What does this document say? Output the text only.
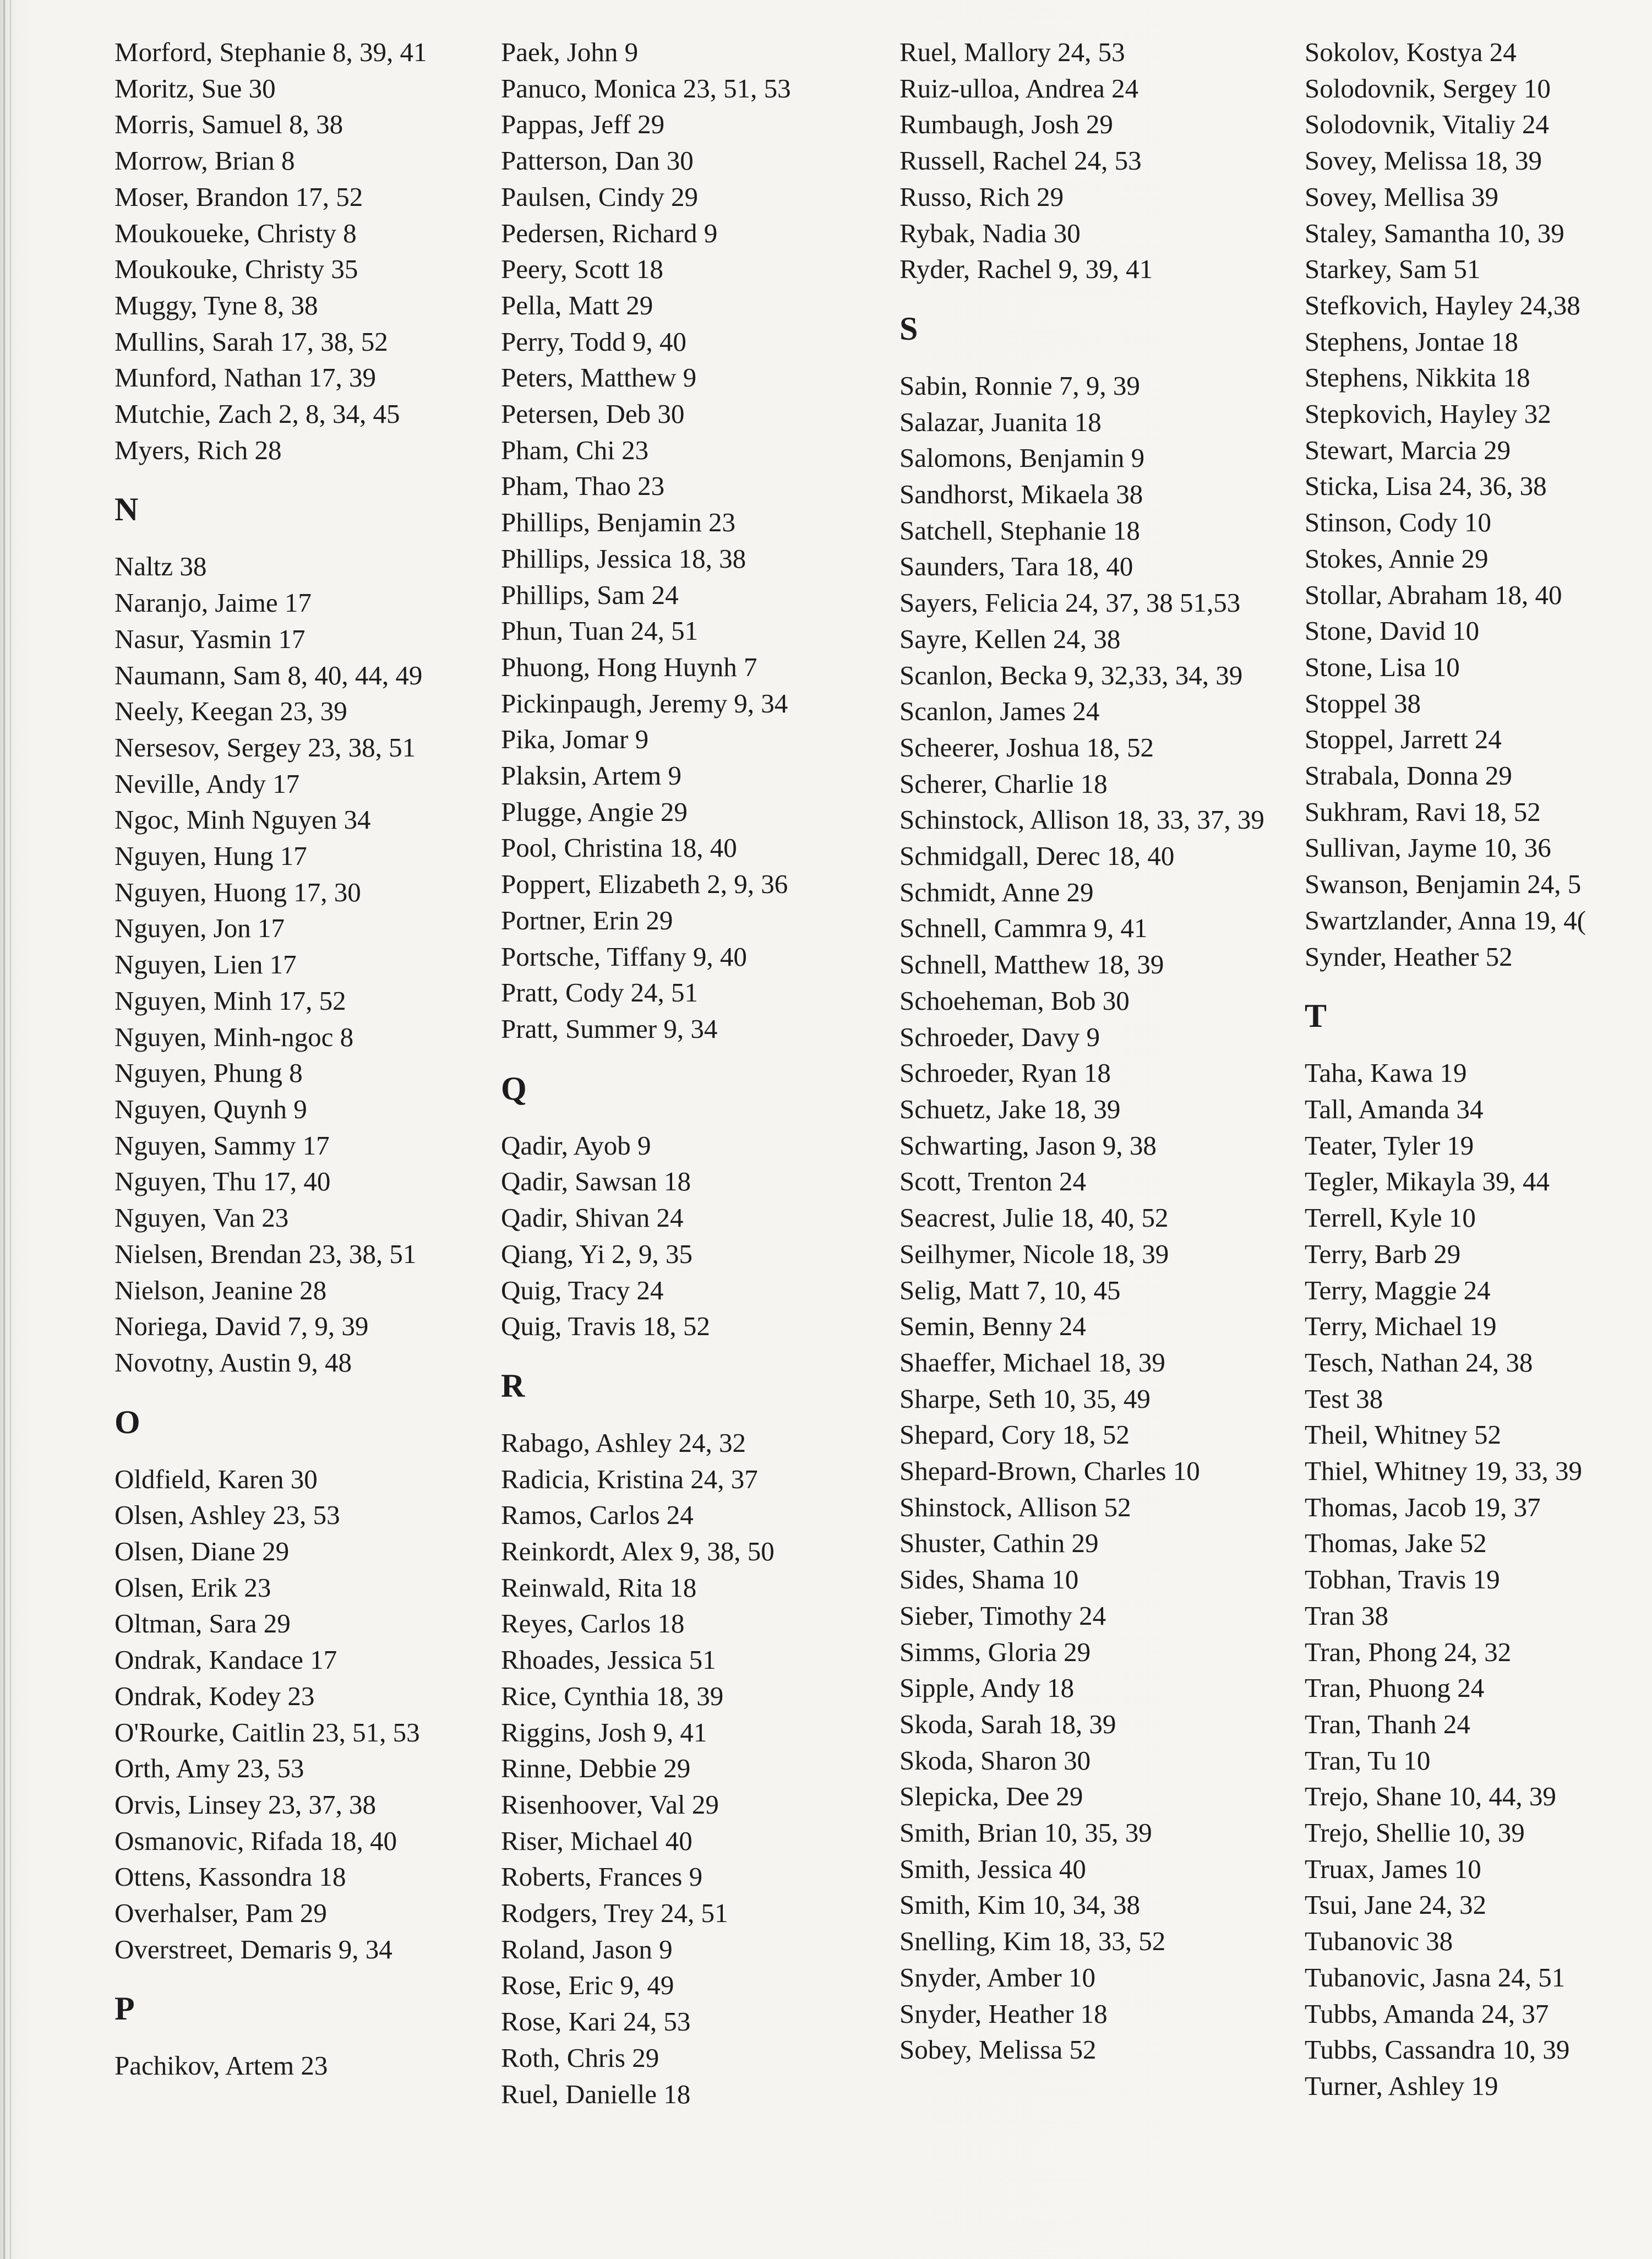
Morford, Stephanie 8, 39, 41
Moritz, Sue 30
Morris, Samuel 8, 38
Morrow, Brian 8
Moser, Brandon 17, 52
Moukoueke, Christy 8
Moukouke, Christy 35
Muggy, Tyne 8, 38
Mullins, Sarah 17, 38, 52
Munford, Nathan 17, 39
Mutchie, Zach 2, 8, 34, 45
Myers, Rich 28
N
Naltz 38
Naranjo, Jaime 17
Nasur, Yasmin 17
Naumann, Sam 8, 40, 44, 49
Neely, Keegan 23, 39
Nersesov, Sergey 23, 38, 51
Neville, Andy 17
Ngoc, Minh Nguyen 34
Nguyen, Hung 17
Nguyen, Huong 17, 30
Nguyen, Jon 17
Nguyen, Lien 17
Nguyen, Minh 17, 52
Nguyen, Minh-ngoc 8
Nguyen, Phung 8
Nguyen, Quynh 9
Nguyen, Sammy 17
Nguyen, Thu 17, 40
Nguyen, Van 23
Nielsen, Brendan 23, 38, 51
Nielson, Jeanine 28
Noriega, David 7, 9, 39
Novotny, Austin 9, 48
O
Oldfield, Karen 30
Olsen, Ashley 23, 53
Olsen, Diane 29
Olsen, Erik 23
Oltman, Sara 29
Ondrak, Kandace 17
Ondrak, Kodey 23
O'Rourke, Caitlin 23, 51, 53
Orth, Amy 23, 53
Orvis, Linsey 23, 37, 38
Osmanovic, Rifada 18, 40
Ottens, Kassondra 18
Overhalser, Pam 29
Overstreet, Demaris 9, 34
P
Pachikov, Artem 23
Paek, John 9
Panuco, Monica 23, 51, 53
Pappas, Jeff 29
Patterson, Dan 30
Paulsen, Cindy 29
Pedersen, Richard 9
Peery, Scott 18
Pella, Matt 29
Perry, Todd 9, 40
Peters, Matthew 9
Petersen, Deb 30
Pham, Chi 23
Pham, Thao 23
Phillips, Benjamin 23
Phillips, Jessica 18, 38
Phillips, Sam 24
Phun, Tuan 24, 51
Phuong, Hong Huynh 7
Pickinpaugh, Jeremy 9, 34
Pika, Jomar 9
Plaksin, Artem 9
Plugge, Angie 29
Pool, Christina 18, 40
Poppert, Elizabeth 2, 9, 36
Portner, Erin 29
Portsche, Tiffany 9, 40
Pratt, Cody 24, 51
Pratt, Summer 9, 34
Q
Qadir, Ayob 9
Qadir, Sawsan 18
Qadir, Shivan 24
Qiang, Yi 2, 9, 35
Quig, Tracy 24
Quig, Travis 18, 52
R
Rabago, Ashley 24, 32
Radicia, Kristina 24, 37
Ramos, Carlos 24
Reinkordt, Alex 9, 38, 50
Reinwald, Rita 18
Reyes, Carlos 18
Rhoades, Jessica 51
Rice, Cynthia 18, 39
Riggins, Josh 9, 41
Rinne, Debbie 29
Risenhoover, Val 29
Riser, Michael 40
Roberts, Frances 9
Rodgers, Trey 24, 51
Roland, Jason 9
Rose, Eric 9, 49
Rose, Kari 24, 53
Roth, Chris 29
Ruel, Danielle 18
Ruel, Mallory 24, 53
Ruiz-ulloa, Andrea 24
Rumbaugh, Josh 29
Russell, Rachel 24, 53
Russo, Rich 29
Rybak, Nadia 30
Ryder, Rachel 9, 39, 41
S
Sabin, Ronnie 7, 9, 39
Salazar, Juanita 18
Salomons, Benjamin 9
Sandhorst, Mikaela 38
Satchell, Stephanie 18
Saunders, Tara 18, 40
Sayers, Felicia 24, 37, 38 51,53
Sayre, Kellen 24, 38
Scanlon, Becka 9, 32,33, 34, 39
Scanlon, James 24
Scheerer, Joshua 18, 52
Scherer, Charlie 18
Schinstock, Allison 18, 33, 37, 39
Schmidgall, Derec 18, 40
Schmidt, Anne 29
Schnell, Cammra 9, 41
Schnell, Matthew 18, 39
Schoeheman, Bob 30
Schroeder, Davy 9
Schroeder, Ryan 18
Schuetz, Jake 18, 39
Schwarting, Jason 9, 38
Scott, Trenton 24
Seacrest, Julie 18, 40, 52
Seilhymer, Nicole 18, 39
Selig, Matt 7, 10, 45
Semin, Benny 24
Shaeffer, Michael 18, 39
Sharpe, Seth 10, 35, 49
Shepard, Cory 18, 52
Shepard-Brown, Charles 10
Shinstock, Allison 52
Shuster, Cathin 29
Sides, Shama 10
Sieber, Timothy 24
Simms, Gloria 29
Sipple, Andy 18
Skoda, Sarah 18, 39
Skoda, Sharon 30
Slepicka, Dee 29
Smith, Brian 10, 35, 39
Smith, Jessica 40
Smith, Kim 10, 34, 38
Snelling, Kim 18, 33, 52
Snyder, Amber 10
Snyder, Heather 18
Sobey, Melissa 52
Sokolov, Kostya 24
Solodovnik, Sergey 10
Solodovnik, Vitaliy 24
Sovey, Melissa 18, 39
Sovey, Mellisa 39
Staley, Samantha 10, 39
Starkey, Sam 51
Stefkovich, Hayley 24,38
Stephens, Jontae 18
Stephens, Nikkita 18
Stepkovich, Hayley 32
Stewart, Marcia 29
Sticka, Lisa 24, 36, 38
Stinson, Cody 10
Stokes, Annie 29
Stollar, Abraham 18, 40
Stone, David 10
Stone, Lisa 10
Stoppel 38
Stoppel, Jarrett 24
Strabala, Donna 29
Sukhram, Ravi 18, 52
Sullivan, Jayme 10, 36
Swanson, Benjamin 24, 5
Swartzlander, Anna 19, 4(
Synder, Heather 52
T
Taha, Kawa 19
Tall, Amanda 34
Teater, Tyler 19
Tegler, Mikayla 39, 44
Terrell, Kyle 10
Terry, Barb 29
Terry, Maggie 24
Terry, Michael 19
Tesch, Nathan 24, 38
Test 38
Theil, Whitney 52
Thiel, Whitney 19, 33, 39
Thomas, Jacob 19, 37
Thomas, Jake 52
Tobhan, Travis 19
Tran 38
Tran, Phong 24, 32
Tran, Phuong 24
Tran, Thanh 24
Tran, Tu 10
Trejo, Shane 10, 44, 39
Trejo, Shellie 10, 39
Truax, James 10
Tsui, Jane 24, 32
Tubanovic 38
Tubanovic, Jasna 24, 51
Tubbs, Amanda 24, 37
Tubbs, Cassandra 10, 39
Turner, Ashley 19
